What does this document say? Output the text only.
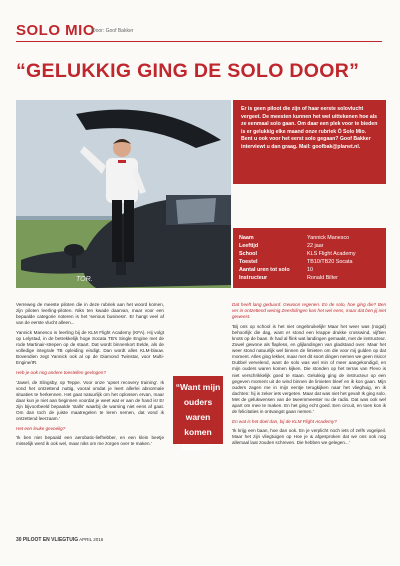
SOLO MIO
Door: Goof Bakker
“GELUKKIG GING DE SOLO DOOR”
TOR.
Er is geen piloot die zijn of haar eerste solovlucht vergeet. De meesten kunnen het wel uittekenen hoe als ze eenmaal solo gaan. Om daar een plek voor te bieden is er gelukkig elke maand onze rubriek Ó Solo Mio. Bent u ook voor het eerst solo gegaan? Goof Bakker interviewt u dan graag. Mail: goofbak@planet.nl.
Naam	Yannick Manesco
Leeftijd	22 jaar
School	KLS Flight Academy
Toestel	TB10/TB20 Socata
Aantal uren tot solo	10
Instructeur	Ronald Bilter

Verreweg de meeste piloten die in deze rubriek aan het woord komen, zijn piloten leerling-piloten. Niks ten kwade daarvan, maar voor een bepaalde categorie noteren is het 'serious business'. Er hangt veel af van de eerste vlucht alleen...

Yannick Manesco is leerling bij de KLM Flight Academy (KFA). Hij volgt op Lelystad, in de betrekkelijk hoge Socata TB's Single Engine met de rode Martinair-strepen op de staart. Dat wordt binnenkort Eelde, als de volledige integrale TB opleiding eindigt. Dan wordt alles KLM-blauw. Bovendien zegt Yannick ook al op de Diamond Twinstar, voor Multi-Engine/IR.

Heb je ook nog andere toestellen gevlogen?

'Jawel, de Slingsby, op Teppe. Voor onze 'upset recovery training'. Ik vond het ontzettend nuttig, vooral omdat je leert allerlei abnormale situaties te herkennen. Het gaat natuurlijk om het oplossen ervan, maar daar kun je niet aan beginnen voordat je weet wat er aan de hand is! Er zijn bijvoorbeeld bepaalde 'stalls' waarbij de warning niet eens af gaat. Om dan toch de juiste maatregelen te leren nemen, dat vond ik ontzettend leerzaam.'

Het een leuke gevoelig?

'Ik ben niet bepaald een aerobatic-liefhebber, en een klein beetje misselijk werd ik ook wel, maar niks om me zorgen over te maken.'

“Want mijn
ouders waren
komen
kijken!”

Dat heeft lang geduurd. Gewoon regenen. En de solo, hoe ging die? Ben ver in ontzettend weinig Zeeshilingen kan het wel eens, maar dat ben jij niet geweest.

'Bij ons op school is het niet ongebruikelijk! Maar het weer was (nogal) behoorlijk die dag, want er stond een krappe drukke crosswind, vijftien knots op de baan. Ik had al flink wat landingen gemaakt, met de instructeur. Zowel gewone als flapless, en glijlandingen van gladstand over. Maar het weer stond natuurlijk wel binnen de limieten om die voor mij gulden op dat moment. Alles ging lekker, maar met dit soort dingen nemen we geen risico! Dubbel vervelend, want de solo was wel min of meer aangekondigd, en mijn ouders waren komen kijken. Die stonden op het terras van Flevo is niet verschrikkelijk goed te staan. Gelukkig ging de instructeur op een gegeven moment uit de wind binnen de limieten bleef en ik kon gaan. Mijn ouders zagen me in mijn eentje terugkijken naar het vlieghuig, en ik dachten: hij is zeker iets vergeten. Maar dat was niet het geval! Ik ging solo. Met de gelukwensen van de tweemmeester nu de radio. Dat was ook wel apart om mee te maken. En het ging echt goed. Een circuit, en toen kon ik de felicitaties in ontvangst gaan nemen.'

En wat is het doel dan, bij de KLM Flight Academy?

'Ik krijg een baan, hoe dan ook. En je verplicht noch iets of zelfs vogelpeil. Maar het zijn vliegtuigen op Hoe je & afgesproken dat we ons ook nog allemaal laat zouden schreven. Die hebben we gelegen...'

30 PILOOT EN VLIEGTUIG APRIL 2016
